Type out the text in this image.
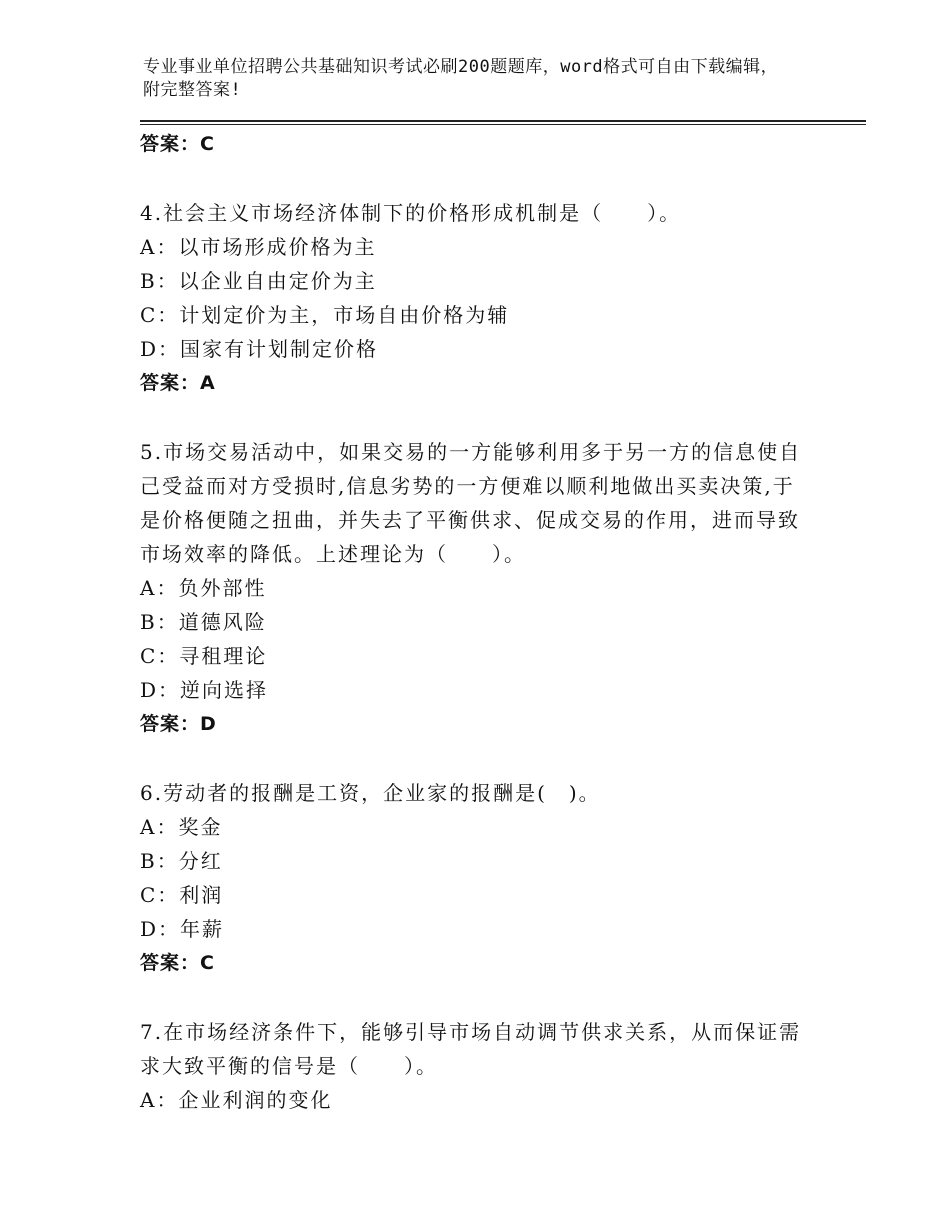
专业事业单位招聘公共基础知识考试必刷200题题库，word格式可自由下载编辑，附完整答案!
答案：C
4.社会主义市场经济体制下的价格形成机制是（　　）。
A：以市场形成价格为主
B：以企业自由定价为主
C：计划定价为主，市场自由价格为辅
D：国家有计划制定价格
答案：A
5.市场交易活动中，如果交易的一方能够利用多于另一方的信息使自
己受益而对方受损时,信息劣势的一方便难以顺利地做出买卖决策,于
是价格便随之扭曲，并失去了平衡供求、促成交易的作用，进而导致
市场效率的降低。上述理论为（　　）。
A：负外部性
B：道德风险
C：寻租理论
D：逆向选择
答案：D
6.劳动者的报酬是工资，企业家的报酬是(　)。
A：奖金
B：分红
C：利润
D：年薪
答案：C
7.在市场经济条件下，能够引导市场自动调节供求关系，从而保证需
求大致平衡的信号是（　　）。
A：企业利润的变化
